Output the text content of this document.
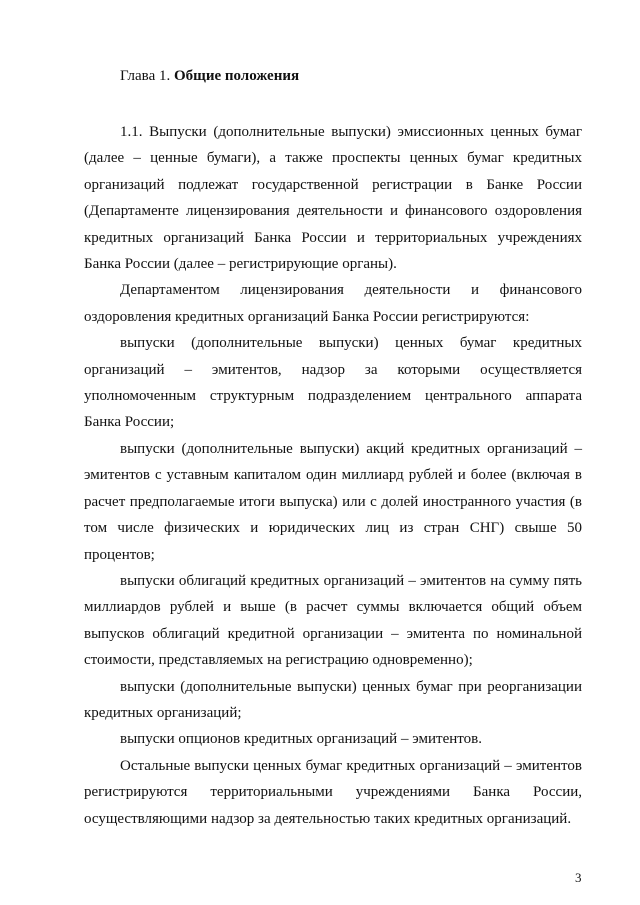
Глава 1. Общие положения

1.1. Выпуски (дополнительные выпуски) эмиссионных ценных бумаг (далее – ценные бумаги), а также проспекты ценных бумаг кредитных организаций подлежат государственной регистрации в Банке России (Департаменте лицензирования деятельности и финансового оздоровления кредитных организаций Банка России и территориальных учреждениях Банка России (далее – регистрирующие органы).

Департаментом лицензирования деятельности и финансового оздоровления кредитных организаций Банка России регистрируются:

выпуски (дополнительные выпуски) ценных бумаг кредитных организаций – эмитентов, надзор за которыми осуществляется уполномоченным структурным подразделением центрального аппарата Банка России;

выпуски (дополнительные выпуски) акций кредитных организаций – эмитентов с уставным капиталом один миллиард рублей и более (включая в расчет предполагаемые итоги выпуска) или с долей иностранного участия (в том числе физических и юридических лиц из стран СНГ) свыше 50 процентов;

выпуски облигаций кредитных организаций – эмитентов на сумму пять миллиардов рублей и выше (в расчет суммы включается общий объем выпусков облигаций кредитной организации – эмитента по номинальной стоимости, представляемых на регистрацию одновременно);

выпуски (дополнительные выпуски) ценных бумаг при реорганизации кредитных организаций;

выпуски опционов кредитных организаций – эмитентов.

Остальные выпуски ценных бумаг кредитных организаций – эмитентов регистрируются территориальными учреждениями Банка России, осуществляющими надзор за деятельностью таких кредитных организаций.

3
